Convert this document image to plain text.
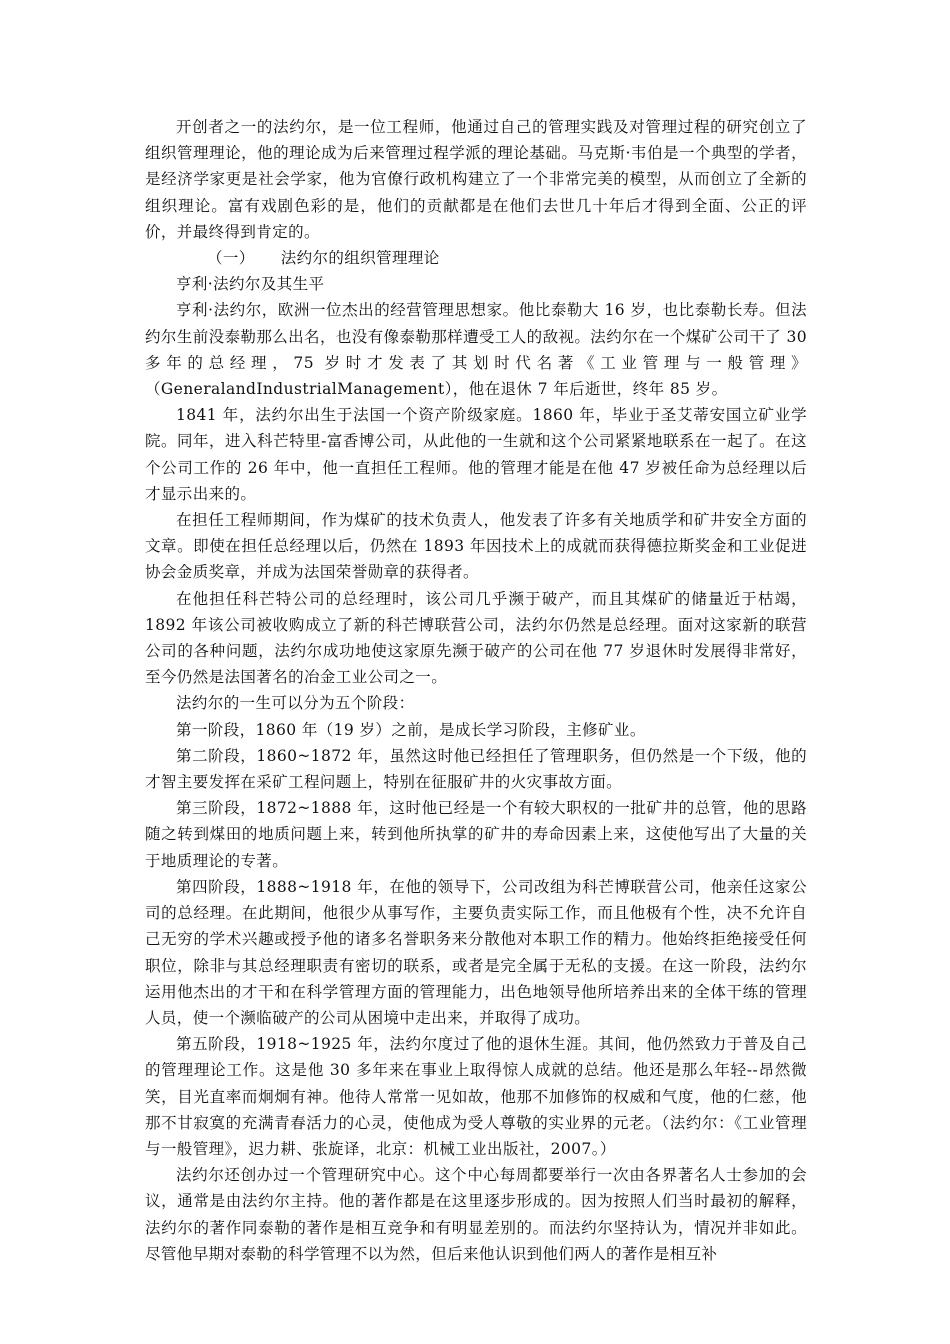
开创者之一的法约尔，是一位工程师，他通过自己的管理实践及对管理过程的研究创立了组织管理理论，他的理论成为后来管理过程学派的理论基础。马克斯·韦伯是一个典型的学者，是经济学家更是社会学家，他为官僚行政机构建立了一个非常完美的模型，从而创立了全新的组织理论。富有戏剧色彩的是，他们的贡献都是在他们去世几十年后才得到全面、公正的评价，并最终得到肯定的。

（一） 法约尔的组织管理理论

亨利·法约尔及其生平

亨利·法约尔，欧洲一位杰出的经营管理思想家。他比泰勒大 16 岁，也比泰勒长寿。但法约尔生前没泰勒那么出名，也没有像泰勒那样遭受工人的敌视。法约尔在一个煤矿公司干了 30 多年的总经理，75 岁时才发表了其划时代名著《工业管理与一般管理》（GeneralandIndustrialManagement），他在退休 7 年后逝世，终年 85 岁。

1841 年，法约尔出生于法国一个资产阶级家庭。1860 年，毕业于圣艾蒂安国立矿业学院。同年，进入科芒特里-富香博公司，从此他的一生就和这个公司紧紧地联系在一起了。在这个公司工作的 26 年中，他一直担任工程师。他的管理才能是在他 47 岁被任命为总经理以后才显示出来的。

在担任工程师期间，作为煤矿的技术负责人，他发表了许多有关地质学和矿井安全方面的文章。即使在担任总经理以后，仍然在 1893 年因技术上的成就而获得德拉斯奖金和工业促进协会金质奖章，并成为法国荣誉勋章的获得者。

在他担任科芒特公司的总经理时，该公司几乎濒于破产，而且其煤矿的储量近于枯竭，1892 年该公司被收购成立了新的科芒博联营公司，法约尔仍然是总经理。面对这家新的联营公司的各种问题，法约尔成功地使这家原先濒于破产的公司在他 77 岁退休时发展得非常好，至今仍然是法国著名的冶金工业公司之一。

法约尔的一生可以分为五个阶段：

第一阶段，1860 年（19 岁）之前，是成长学习阶段，主修矿业。

第二阶段，1860~1872 年，虽然这时他已经担任了管理职务，但仍然是一个下级，他的才智主要发挥在采矿工程问题上，特别在征服矿井的火灾事故方面。

第三阶段，1872~1888 年，这时他已经是一个有较大职权的一批矿井的总管，他的思路随之转到煤田的地质问题上来，转到他所执掌的矿井的寿命因素上来，这使他写出了大量的关于地质理论的专著。

第四阶段，1888~1918 年，在他的领导下，公司改组为科芒博联营公司，他亲任这家公司的总经理。在此期间，他很少从事写作，主要负责实际工作，而且他极有个性，决不允许自己无穷的学术兴趣或授予他的诸多名誉职务来分散他对本职工作的精力。他始终拒绝接受任何职位，除非与其总经理职责有密切的联系，或者是完全属于无私的支援。在这一阶段，法约尔运用他杰出的才干和在科学管理方面的管理能力，出色地领导他所培养出来的全体干练的管理人员，使一个濒临破产的公司从困境中走出来，并取得了成功。

第五阶段，1918~1925 年，法约尔度过了他的退休生涯。其间，他仍然致力于普及自己的管理理论工作。这是他 30 多年来在事业上取得惊人成就的总结。他还是那么年轻--昂然微笑，目光直率而炯炯有神。他待人常常一见如故，他那不加修饰的权威和气度，他的仁慈，他那不甘寂寞的充满青春活力的心灵，使他成为受人尊敬的实业界的元老。（法约尔：《工业管理与一般管理》，迟力耕、张旋译，北京：机械工业出版社，2007。）

法约尔还创办过一个管理研究中心。这个中心每周都要举行一次由各界著名人士参加的会议，通常是由法约尔主持。他的著作都是在这里逐步形成的。因为按照人们当时最初的解释，法约尔的著作同泰勒的著作是相互竞争和有明显差别的。而法约尔坚持认为，情况并非如此。尽管他早期对泰勒的科学管理不以为然，但后来他认识到他们两人的著作是相互补
